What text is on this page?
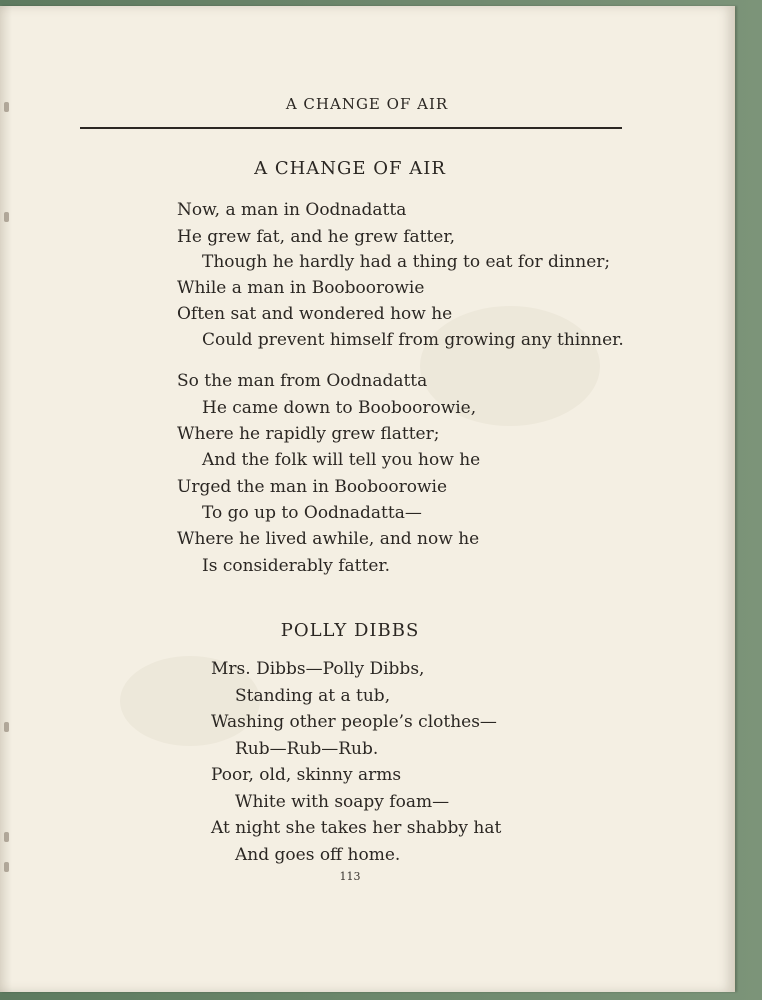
A CHANGE OF AIR
A CHANGE OF AIR
Now, a man in Oodnadatta
He grew fat, and he grew fatter,
Though he hardly had a thing to eat for dinner;
While a man in Booboorowie
Often sat and wondered how he
Could prevent himself from growing any thinner.
So the man from Oodnadatta
He came down to Booboorowie,
Where he rapidly grew flatter;
And the folk will tell you how he
Urged the man in Booboorowie
To go up to Oodnadatta—
Where he lived awhile, and now he
Is considerably fatter.
POLLY DIBBS
Mrs. Dibbs—Polly Dibbs,
Standing at a tub,
Washing other people’s clothes—
Rub—Rub—Rub.
Poor, old, skinny arms
White with soapy foam—
At night she takes her shabby hat
And goes off home.
113
